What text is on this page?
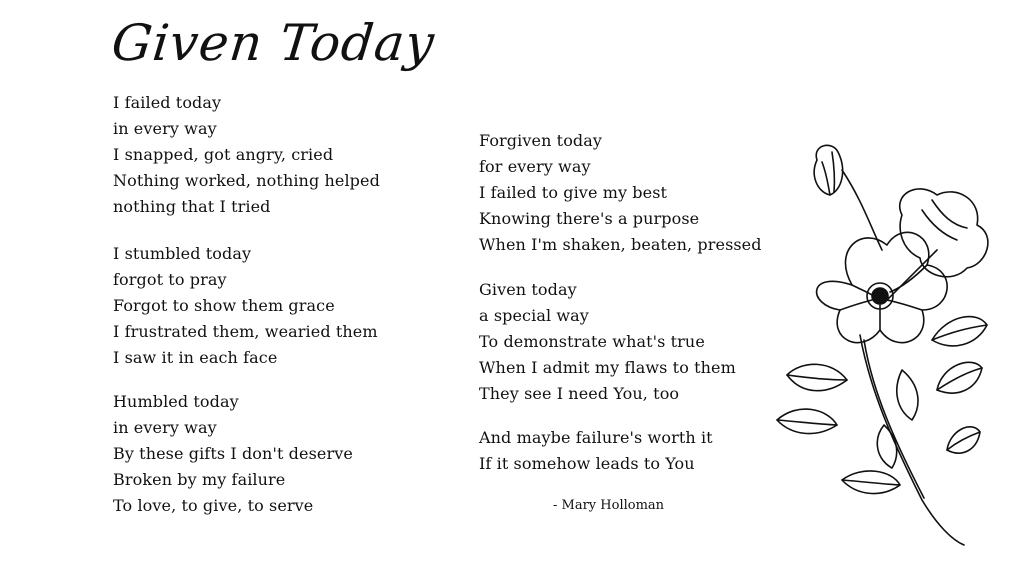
Given Today
I failed today
in every way
I snapped, got angry, cried
Nothing worked, nothing helped
nothing that I tried
I stumbled today
forgot to pray
Forgot to show them grace
I frustrated them, wearied them
I saw it in each face
Humbled today
in every way
By these gifts I don't deserve
Broken by my failure
To love, to give, to serve
Forgiven today
for every way
I failed to give my best
Knowing there's a purpose
When I'm shaken, beaten, pressed
Given today
a special way
To demonstrate what's true
When I admit my flaws to them
They see I need You, too
And maybe failure's worth it
If it somehow leads to You
- Mary Holloman
